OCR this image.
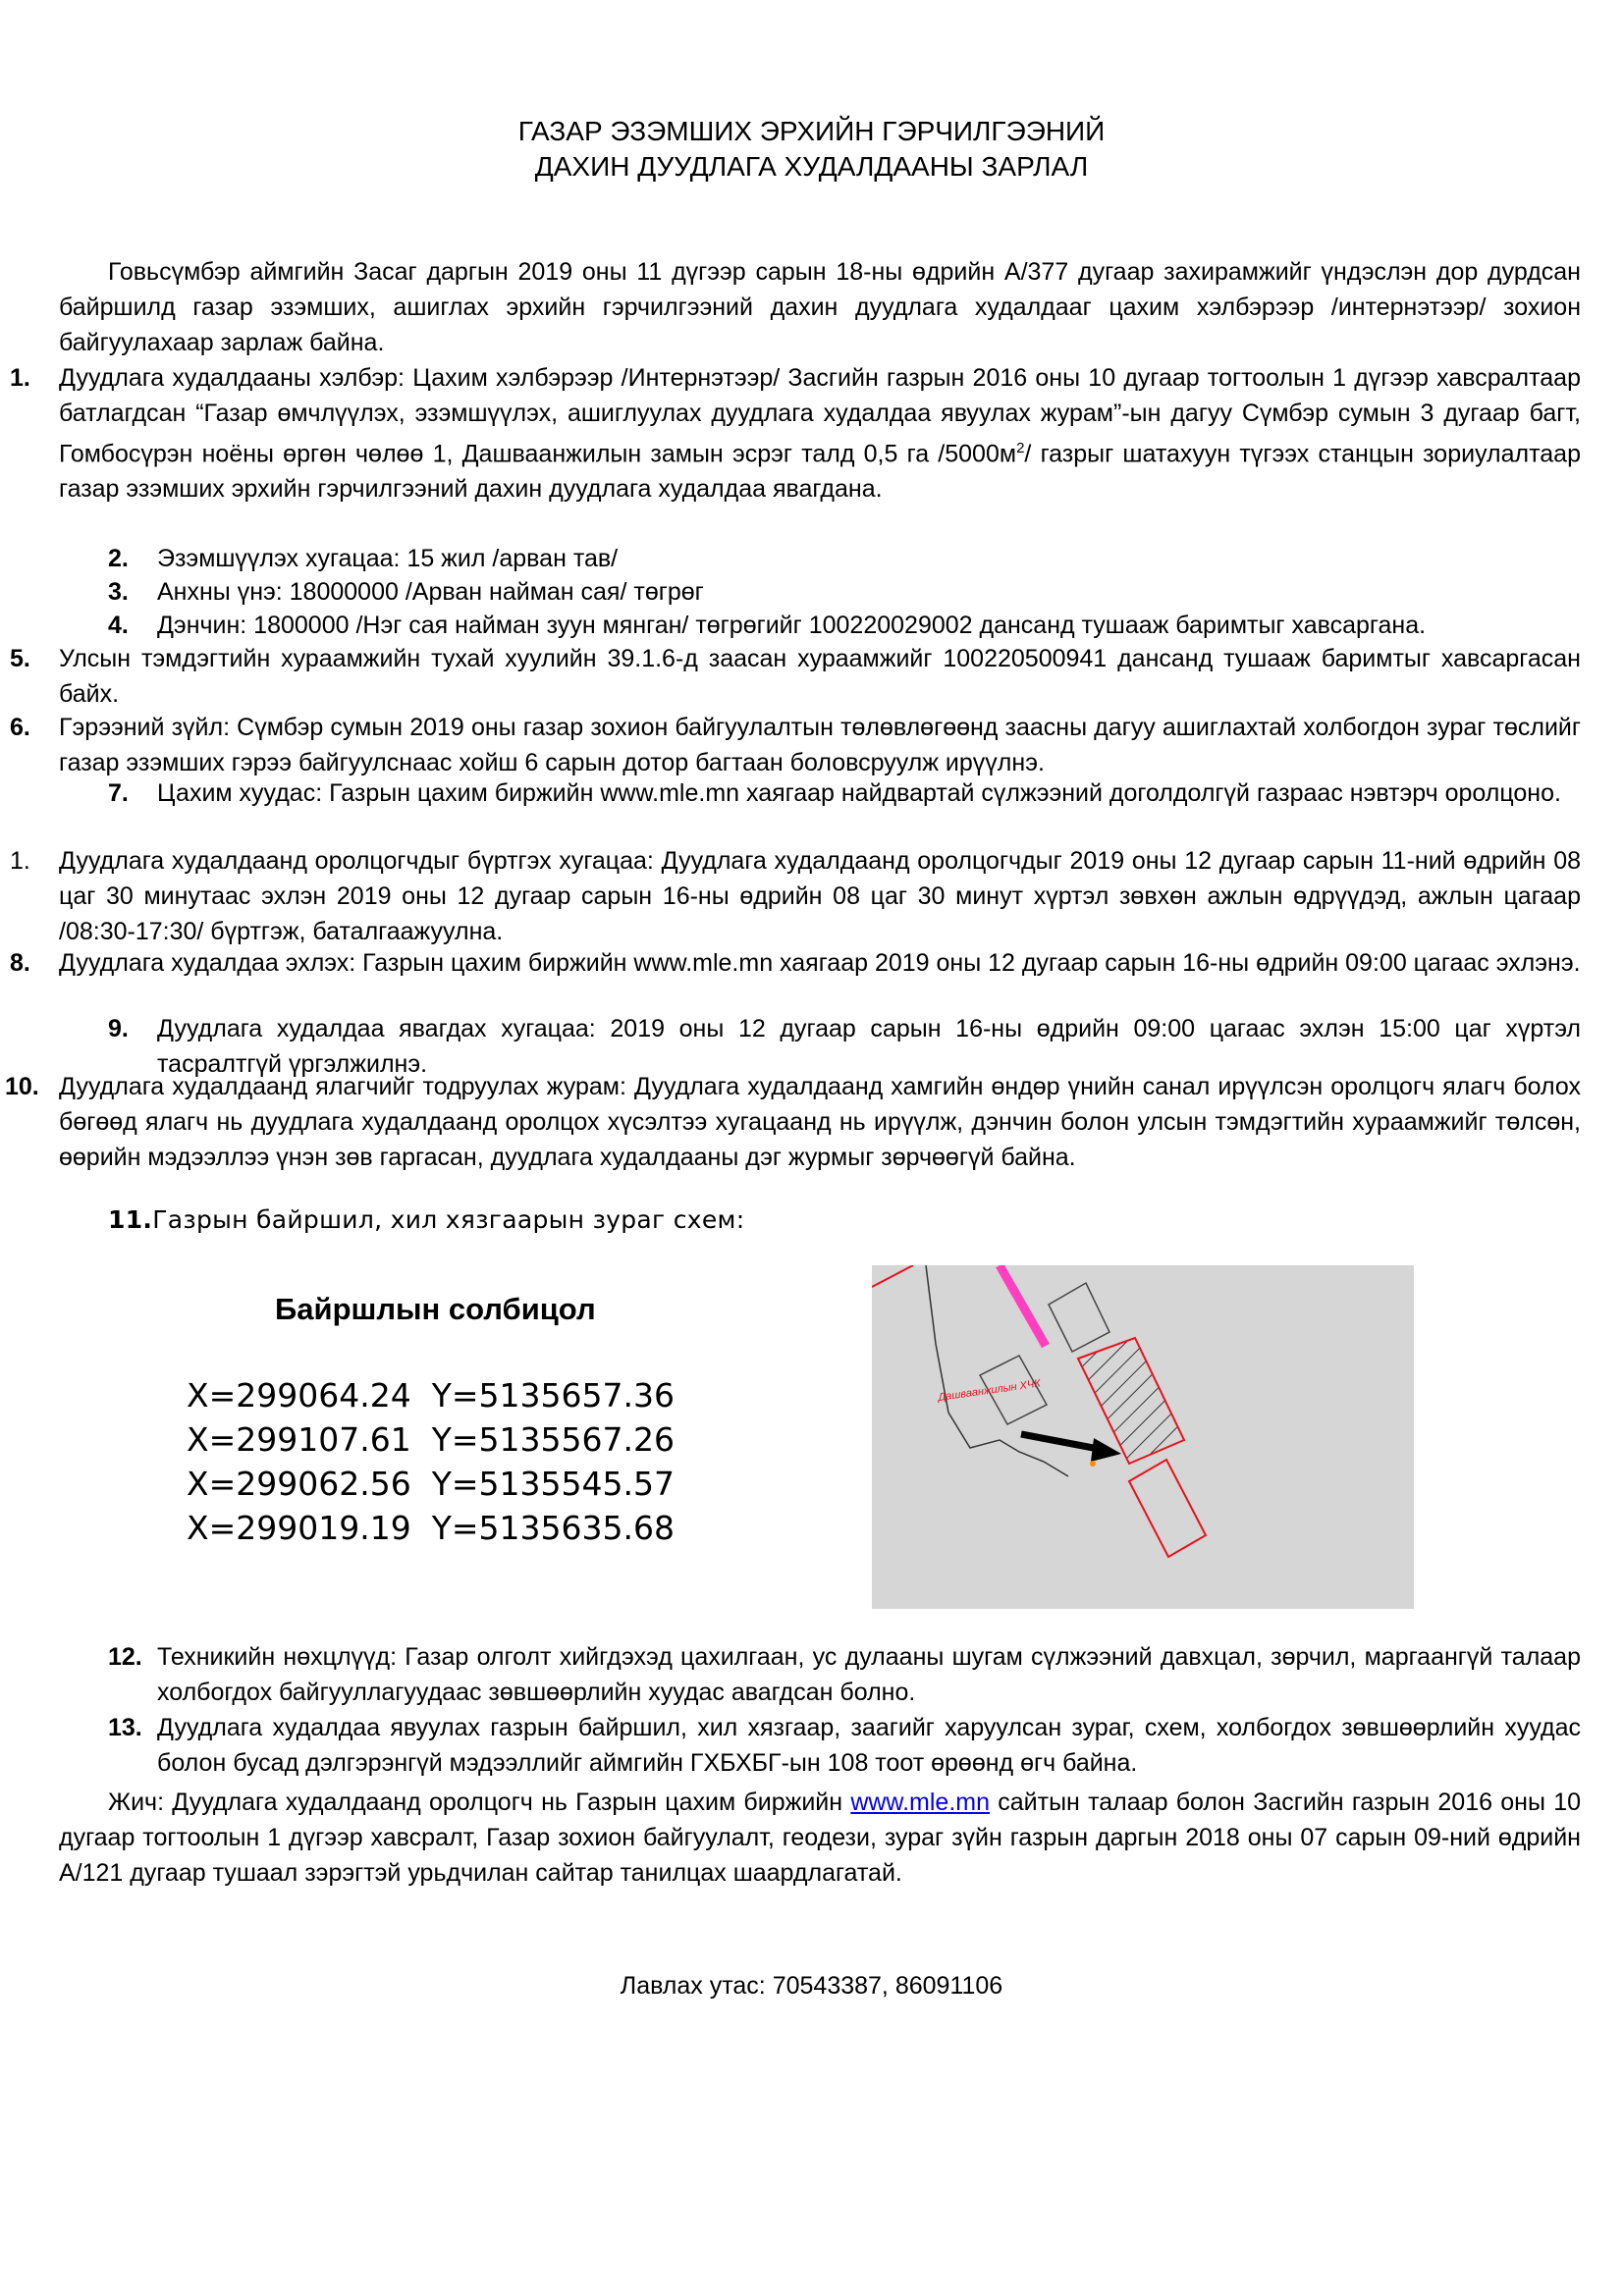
ГАЗАР ЭЗЭМШИХ ЭРХИЙН ГЭРЧИЛГЭЭНИЙ
ДАХИН ДУУДЛАГА ХУДАЛДААНЫ ЗАРЛАЛ
Говьсүмбэр аймгийн Засаг даргын 2019 оны 11 дүгээр сарын 18-ны өдрийн А/377 дугаар захирамжийг үндэслэн дор дурдсан байршилд газар эзэмших, ашиглах эрхийн гэрчилгээний дахин дуудлага худалдааг цахим хэлбэрээр /интернэтээр/ зохион байгуулахаар зарлаж байна.
1.	Дуудлага худалдааны хэлбэр: Цахим хэлбэрээр /Интернэтээр/ Засгийн газрын 2016 оны 10 дугаар тогтоолын 1 дүгээр хавсралтаар батлагдсан “Газар өмчлүүлэх, эзэмшүүлэх, ашиглуулах дуудлага худалдаа явуулах журам”-ын дагуу Сүмбэр сумын 3 дугаар багт, Гомбосүрэн ноёны өргөн чөлөө 1, Дашваанжилын замын эсрэг талд 0,5 га $/5000м^2/$ газрыг шатахуун түгээх станцын зориулалтаар газар эзэмших эрхийн гэрчилгээний дахин дуудлага худалдаа явагдана.
2.	Эзэмшүүлэх хугацаа: 15 жил /арван тав/
3.	Анхны үнэ: 18000000 /Арван найман сая/ төгрөг
4.	Дэнчин: 1800000 /Нэг сая найман зуун мянган/ төгрөгийг 100220029002 дансанд тушааж баримтыг хавсаргана.
5.	Улсын тэмдэгтийн хураамжийн тухай хуулийн 39.1.6-д заасан хураамжийг 100220500941 дансанд тушааж баримтыг хавсаргасан байх.
6.	Гэрээний зүйл: Сүмбэр сумын 2019 оны газар зохион байгуулалтын төлөвлөгөөнд заасны дагуу ашиглахтай холбогдон зураг төслийг газар эзэмших гэрээ байгуулснаас хойш 6 сарын дотор багтаан боловсруулж ирүүлнэ.
7.	Цахим хуудас: Газрын цахим биржийн www.mle.mn хаягаар найдвартай сүлжээний доголдолгүй газраас нэвтэрч оролцоно.
1.	Дуудлага худалдаанд оролцогчдыг бүртгэх хугацаа: Дуудлага худалдаанд оролцогчдыг 2019 оны 12 дугаар сарын 11-ний өдрийн 08 цаг 30 минутаас эхлэн 2019 оны 12 дугаар сарын 16-ны өдрийн 08 цаг 30 минут хүртэл зөвхөн ажлын өдрүүдэд, ажлын цагаар /08:30-17:30/ бүртгэж, баталгаажуулна.
8.	Дуудлага худалдаа эхлэх: Газрын цахим биржийн www.mle.mn хаягаар 2019 оны 12 дугаар сарын 16-ны өдрийн 09:00 цагаас эхлэнэ.
9.	Дуудлага худалдаа явагдах хугацаа: 2019 оны 12 дугаар сарын 16-ны өдрийн 09:00 цагаас эхлэн 15:00 цаг хүртэл тасралтгүй үргэлжилнэ.
10. Дуудлага худалдаанд ялагчийг тодруулах журам: Дуудлага худалдаанд хамгийн өндөр үнийн санал ирүүлсэн оролцогч ялагч болох бөгөөд ялагч нь дуудлага худалдаанд оролцох хүсэлтээ хугацаанд нь ирүүлж, дэнчин болон улсын тэмдэгтийн хураамжийг төлсөн, өөрийн мэдээллээ үнэн зөв гаргасан, дуудлага худалдааны дэг журмыг зөрчөөгүй байна.
11.Газрын байршил, хил хязгаарын зураг схем:
Байршлын солбицол
X=299064.24 Y=5135657.36
X=299107.61 Y=5135567.26
X=299062.56 Y=5135545.57
X=299019.19 Y=5135635.68
Дашваанжилын ХЧК
12. Техникийн нөхцлүүд: Газар олголт хийгдэхэд цахилгаан, ус дулааны шугам сүлжээний давхцал, зөрчил, маргаангүй талаар холбогдох байгууллагуудаас зөвшөөрлийн хуудас авагдсан болно.
13. Дуудлага худалдаа явуулах газрын байршил, хил хязгаар, заагийг харуулсан зураг, схем, холбогдох зөвшөөрлийн хуудас болон бусад дэлгэрэнгүй мэдээллийг аймгийн ГХБХБГ-ын 108 тоот өрөөнд өгч байна.
Жич: Дуудлага худалдаанд оролцогч нь Газрын цахим биржийн www.mle.mn сайтын талаар болон Засгийн газрын 2016 оны 10 дугаар тогтоолын 1 дүгээр хавсралт, Газар зохион байгуулалт, геодези, зураг зүйн газрын даргын 2018 оны 07 сарын 09-ний өдрийн А/121 дугаар тушаал зэрэгтэй урьдчилан сайтар танилцах шаардлагатай.
Лавлах утас: 70543387, 86091106
